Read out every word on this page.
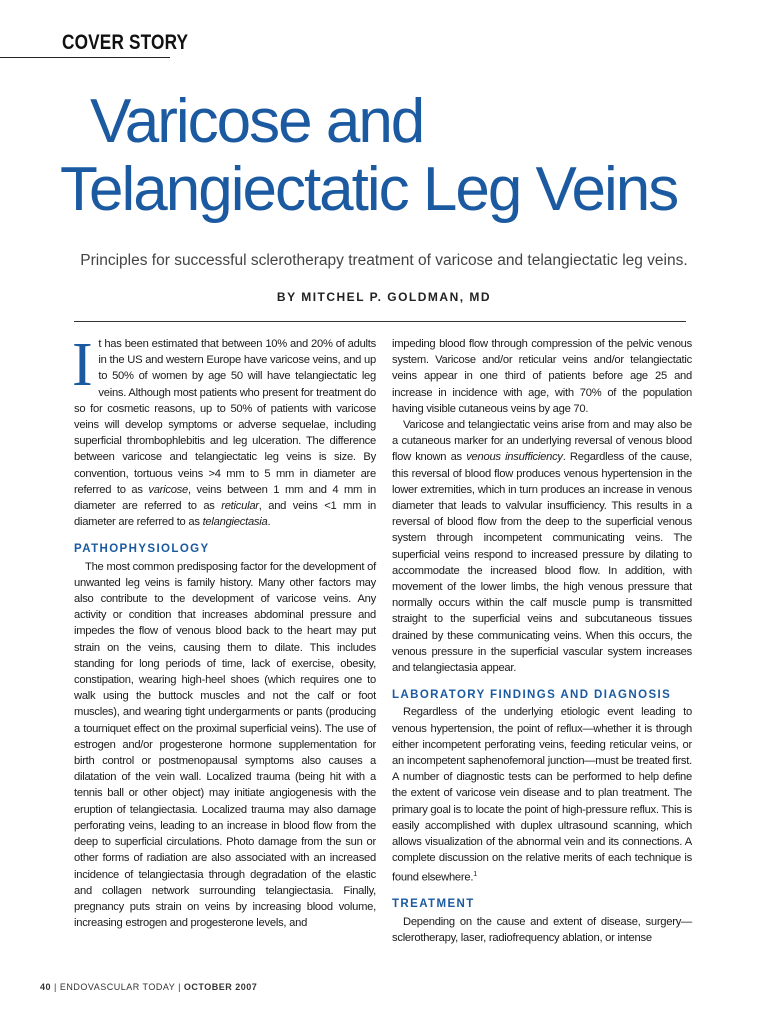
COVER STORY
Varicose and
Telangiectatic Leg Veins
Principles for successful sclerotherapy treatment of varicose and telangiectatic leg veins.
BY MITCHEL P. GOLDMAN, MD

It has been estimated that between 10% and 20% of adults in the US and western Europe have varicose veins, and up to 50% of women by age 50 will have telangiectatic leg veins. Although most patients who present for treatment do so for cosmetic reasons, up to 50% of patients with varicose veins will develop symptoms or adverse sequelae, including superficial thrombophlebitis and leg ulceration. The difference between varicose and telangiectatic leg veins is size. By convention, tortuous veins >4 mm to 5 mm in diameter are referred to as varicose, veins between 1 mm and 4 mm in diameter are referred to as reticular, and veins <1 mm in diameter are referred to as telangiectasia.

PATHOPHYSIOLOGY

The most common predisposing factor for the development of unwanted leg veins is family history. Many other factors may also contribute to the development of varicose veins. Any activity or condition that increases abdominal pressure and impedes the flow of venous blood back to the heart may put strain on the veins, causing them to dilate. This includes standing for long periods of time, lack of exercise, obesity, constipation, wearing high-heel shoes (which requires one to walk using the buttock muscles and not the calf or foot muscles), and wearing tight undergarments or pants (producing a tourniquet effect on the proximal superficial veins). The use of estrogen and/or progesterone hormone supplementation for birth control or postmenopausal symptoms also causes a dilatation of the vein wall. Localized trauma (being hit with a tennis ball or other object) may initiate angiogenesis with the eruption of telangiectasia. Localized trauma may also damage perforating veins, leading to an increase in blood flow from the deep to superficial circulations. Photo damage from the sun or other forms of radiation are also associated with an increased incidence of telangiectasia through degradation of the elastic and collagen network surrounding telangiectasia. Finally, pregnancy puts strain on veins by increasing blood volume, increasing estrogen and progesterone levels, and

impeding blood flow through compression of the pelvic venous system. Varicose and/or reticular veins and/or telangiectatic veins appear in one third of patients before age 25 and increase in incidence with age, with 70% of the population having visible cutaneous veins by age 70.

Varicose and telangiectatic veins arise from and may also be a cutaneous marker for an underlying reversal of venous blood flow known as venous insufficiency. Regardless of the cause, this reversal of blood flow produces venous hypertension in the lower extremities, which in turn produces an increase in venous diameter that leads to valvular insufficiency. This results in a reversal of blood flow from the deep to the superficial venous system through incompetent communicating veins. The superficial veins respond to increased pressure by dilating to accommodate the increased blood flow. In addition, with movement of the lower limbs, the high venous pressure that normally occurs within the calf muscle pump is transmitted straight to the superficial veins and subcutaneous tissues drained by these communicating veins. When this occurs, the venous pressure in the superficial vascular system increases and telangiectasia appear.

LABORATORY FINDINGS AND DIAGNOSIS

Regardless of the underlying etiologic event leading to venous hypertension, the point of reflux—whether it is through either incompetent perforating veins, feeding reticular veins, or an incompetent saphenofemoral junction—must be treated first. A number of diagnostic tests can be performed to help define the extent of varicose vein disease and to plan treatment. The primary goal is to locate the point of high-pressure reflux. This is easily accomplished with duplex ultrasound scanning, which allows visualization of the abnormal vein and its connections. A complete discussion on the relative merits of each technique is found elsewhere.$^1$

TREATMENT

Depending on the cause and extent of disease, surgery—sclerotherapy, laser, radiofrequency ablation, or intense

40 | ENDOVASCULAR TODAY | OCTOBER 2007
